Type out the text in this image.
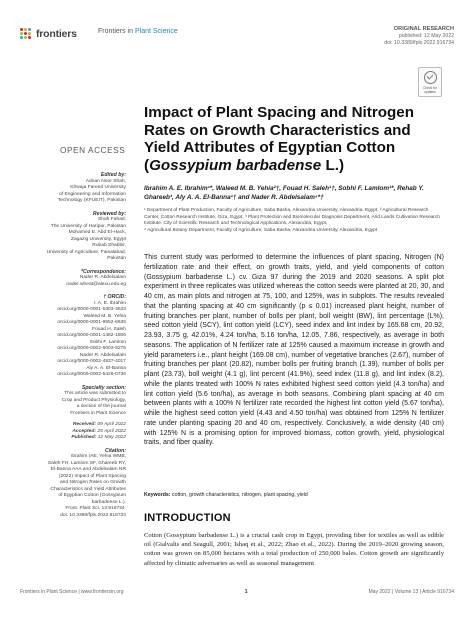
frontiers	Frontiers in Plant Science	ORIGINAL RESEARCH
published: 12 May 2022
doi: 10.3389/fpls.2022.916734
Check for updates
Impact of Plant Spacing and Nitrogen Rates on Growth Characteristics and Yield Attributes of Egyptian Cotton (Gossypium barbadense L.)
Ibrahim A. E. Ibrahim¹*, Waleed M. B. Yehia²†, Fouad H. Saleh¹†, Sobhi F. Lamlom¹*, Rehab Y. Ghareeb³, Aly A. A. El-Banna¹† and Nader R. Abdelsalam⁴*†
¹ Department of Plant Production, Faculty of Agriculture, Saba Basha, Alexandria University, Alexandria, Egypt, ² Agricultural Research Center, Cotton Research Institute, Giza, Egypt, ³ Plant Protection and Biomolecular Diagnosis Department, Arid Lands Cultivation Research Institute, City of Scientific Research and Technological Applications, Alexandria, Egypt,
⁴ Agricultural Botany Department, Faculty of Agriculture, Saba Basha, Alexandria University, Alexandria, Egypt
This current study was performed to determine the influences of plant spacing, Nitrogen (N) fertilization rate and their effect, on growth traits, yield, and yield components of cotton (Gossypium barbadense L.) cv. Giza 97 during the 2019 and 2020 seasons. A split plot experiment in three replicates was utilized whereas the cotton seeds were planted at 20, 30, and 40 cm, as main plots and nitrogen at 75, 100, and 125%, was in subplots. The results revealed that the planting spacing at 40 cm significantly (p ≤ 0.01) increased plant height, number of fruiting branches per plant, number of bolls per plant, boll weight (BW), lint percentage (L%), seed cotton yield (SCY), lint cotton yield (LCY), seed index and lint index by 165.68 cm, 20.92, 23.93, 3.75 g, 42.01%, 4.24 ton/ha, 5.16 ton/ha, 12.05, 7.86, respectively, as average in both seasons. The application of N fertilizer rate at 125% caused a maximum increase in growth and yield parameters i.e., plant height (169.08 cm), number of vegetative branches (2.67), number of fruiting branches per plant (20.82), number bolls per fruiting branch (1.39), number of bolls per plant (23.73), boll weight (4.1 g), lint percent (41.9%), seed index (11.8 g), and lint index (8.2), while the plants treated with 100% N rates exhibited highest seed cotton yield (4.3 ton/ha) and lint cotton yield (5.6 ton/ha), as average in both seasons. Combining plant spacing at 40 cm between plants with a 100% N fertilizer rate recorded the highest lint cotton yield (5.67 ton/ha), while the highest seed cotton yield (4.43 and 4.50 ton/ha) was obtained from 125% N fertilizer rate under planting spacing 20 and 40 cm, respectively. Conclusively, a wide density (40 cm) with 125% N is a promising option for improved biomass, cotton growth, yield, physiological traits, and fiber quality.
Keywords: cotton, growth characteristics, nitrogen, plant spacing, yield
INTRODUCTION
Cotton (Gossypium barbadense L.) is a crucial cash crop in Egypt, providing fiber for textiles as well as edible oil (Gialvalis and Seagull, 2001; Ishaq et al., 2022; Zhao et al., 2022). During the 2019–2020 growing season, cotton was grown on 85,000 hectares with a total production of 250,000 bales. Cotton growth are significantly affected by climatic adversaries as well as seasonal management
OPEN ACCESS
Edited by:
Adnan Noor Shah,
Khwaja Fareed University
of Engineering and Information
Technology (KFUEIT), Pakistan
Reviewed by:
Shah Fahad,
The University of Haripur, Pakistan
Mohamed E. Abd El-Hack,
Zagazig University, Egypt
Rubab Shabbir,
University of Agriculture, Faisalabad,
Pakistan
*Correspondence:
Nader R. Abdelsalam
nader.wheat@alexu.edu.eg
† ORCID:
I. A. E. Ibrahim
orcid.org/0000-0001-5303-3533
Waleed M. B. Yehia
orcid.org/0000-0001-9552-6635
Fouad H. Saleh
orcid.org/0000-0001-1482-1806
Sobhi F. Lamlom
orcid.org/0000-0002-5003-9275
Nader R. Abdelsalam
orcid.org/0000-0002-4937-4017
Aly A. A. El-Banna
orcid.org/0000-0002-5426-0736
Specialty section:
This article was submitted to
Crop and Product Physiology,
a section of the journal
Frontiers in Plant Science
Received: 09 April 2022
Accepted: 25 April 2022
Published: 12 May 2022
Citation:
Ibrahim IAE, Yehia WMB,
Saleh FH, Lamlom SF, Ghareeb RY,
El-Banna AAA and Abdelsalam NR
(2022) Impact of Plant Spacing
and Nitrogen Rates on Growth
Characteristics and Yield Attributes
of Egyptian Cotton (Gossypium
barbadense L.).
Front. Plant Sci. 13:916734.
doi: 10.3389/fpls.2022.916734
Frontiers in Plant Science | www.frontiersin.org	1	May 2022 | Volume 13 | Article 916734
